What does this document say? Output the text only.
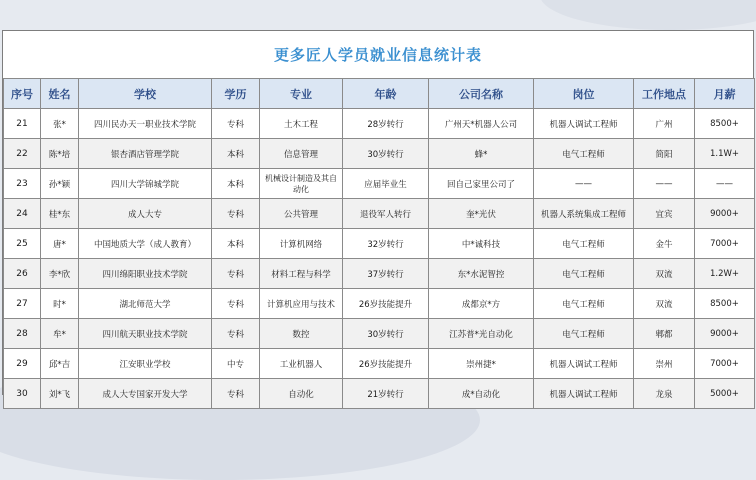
更多匠人学员就业信息统计表
序号	姓名	学校	学历	专业	年龄	公司名称	岗位	工作地点	月薪
21	张*	四川民办天一职业技术学院	专科	土木工程	28岁转行	广州天*机器人公司	机器人调试工程师	广州	8500+
22	陈*培	银杏酒店管理学院	本科	信息管理	30岁转行	蜂*	电气工程师	简阳	1.1W+
23	孙*颖	四川大学锦城学院	本科	机械设计制造及其自动化	应届毕业生	回自己家里公司了	——	——	——
24	桂*东	成人大专	专科	公共管理	退役军人转行	奎*光伏	机器人系统集成工程师	宜宾	9000+
25	唐*	中国地质大学（成人教育）	本科	计算机网络	32岁转行	中*诚科技	电气工程师	金牛	7000+
26	李*欣	四川绵阳职业技术学院	专科	材料工程与科学	37岁转行	东*水泥智控	电气工程师	双流	1.2W+
27	时*	湖北师范大学	专科	计算机应用与技术	26岁技能提升	成都京*方	电气工程师	双流	8500+
28	牟*	四川航天职业技术学院	专科	数控	30岁转行	江苏普*光自动化	电气工程师	郫都	9000+
29	邱*吉	江安职业学校	中专	工业机器人	26岁技能提升	崇州捷*	机器人调试工程师	崇州	7000+
30	刘*飞	成人大专国家开发大学	专科	自动化	21岁转行	成*自动化	机器人调试工程师	龙泉	5000+
